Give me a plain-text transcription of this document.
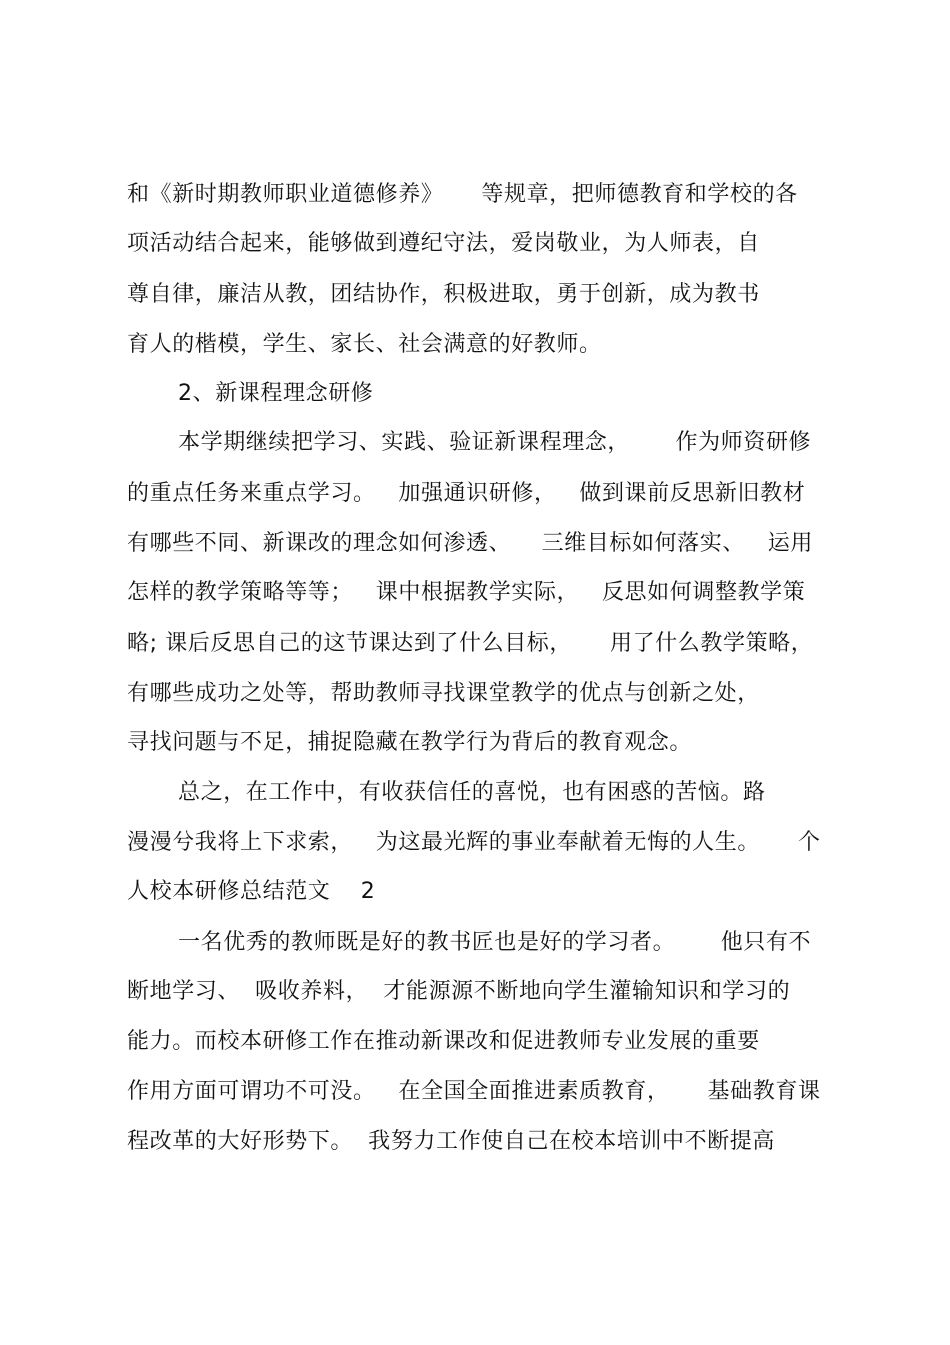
和《新时期教师职业道德修养》     等规章，把师德教育和学校的各
项活动结合起来，能够做到遵纪守法，爱岗敬业，为人师表，自
尊自律，廉洁从教，团结协作，积极进取，勇于创新，成为教书
育人的楷模，学生、家长、社会满意的好教师。
2、新课程理念研修
本学期继续把学习、实践、验证新课程理念，      作为师资研修
的重点任务来重点学习。   加强通识研修，   做到课前反思新旧教材
有哪些不同、新课改的理念如何渗透、    三维目标如何落实、   运用
怎样的教学策略等等；   课中根据教学实际，   反思如何调整教学策
略; 课后反思自己的这节课达到了什么目标，     用了什么教学策略，
有哪些成功之处等，帮助教师寻找课堂教学的优点与创新之处，
寻找问题与不足，捕捉隐藏在教学行为背后的教育观念。
总之，在工作中，有收获信任的喜悦，也有困惑的苦恼。路
漫漫兮我将上下求索，   为这最光辉的事业奉献着无悔的人生。     个
人校本研修总结范文    2
一名优秀的教师既是好的教书匠也是好的学习者。      他只有不
断地学习、  吸收养料，  才能源源不断地向学生灌输知识和学习的
能力。而校本研修工作在推动新课改和促进教师专业发展的重要
作用方面可谓功不可没。   在全国全面推进素质教育，     基础教育课
程改革的大好形势下。  我努力工作使自己在校本培训中不断提高
